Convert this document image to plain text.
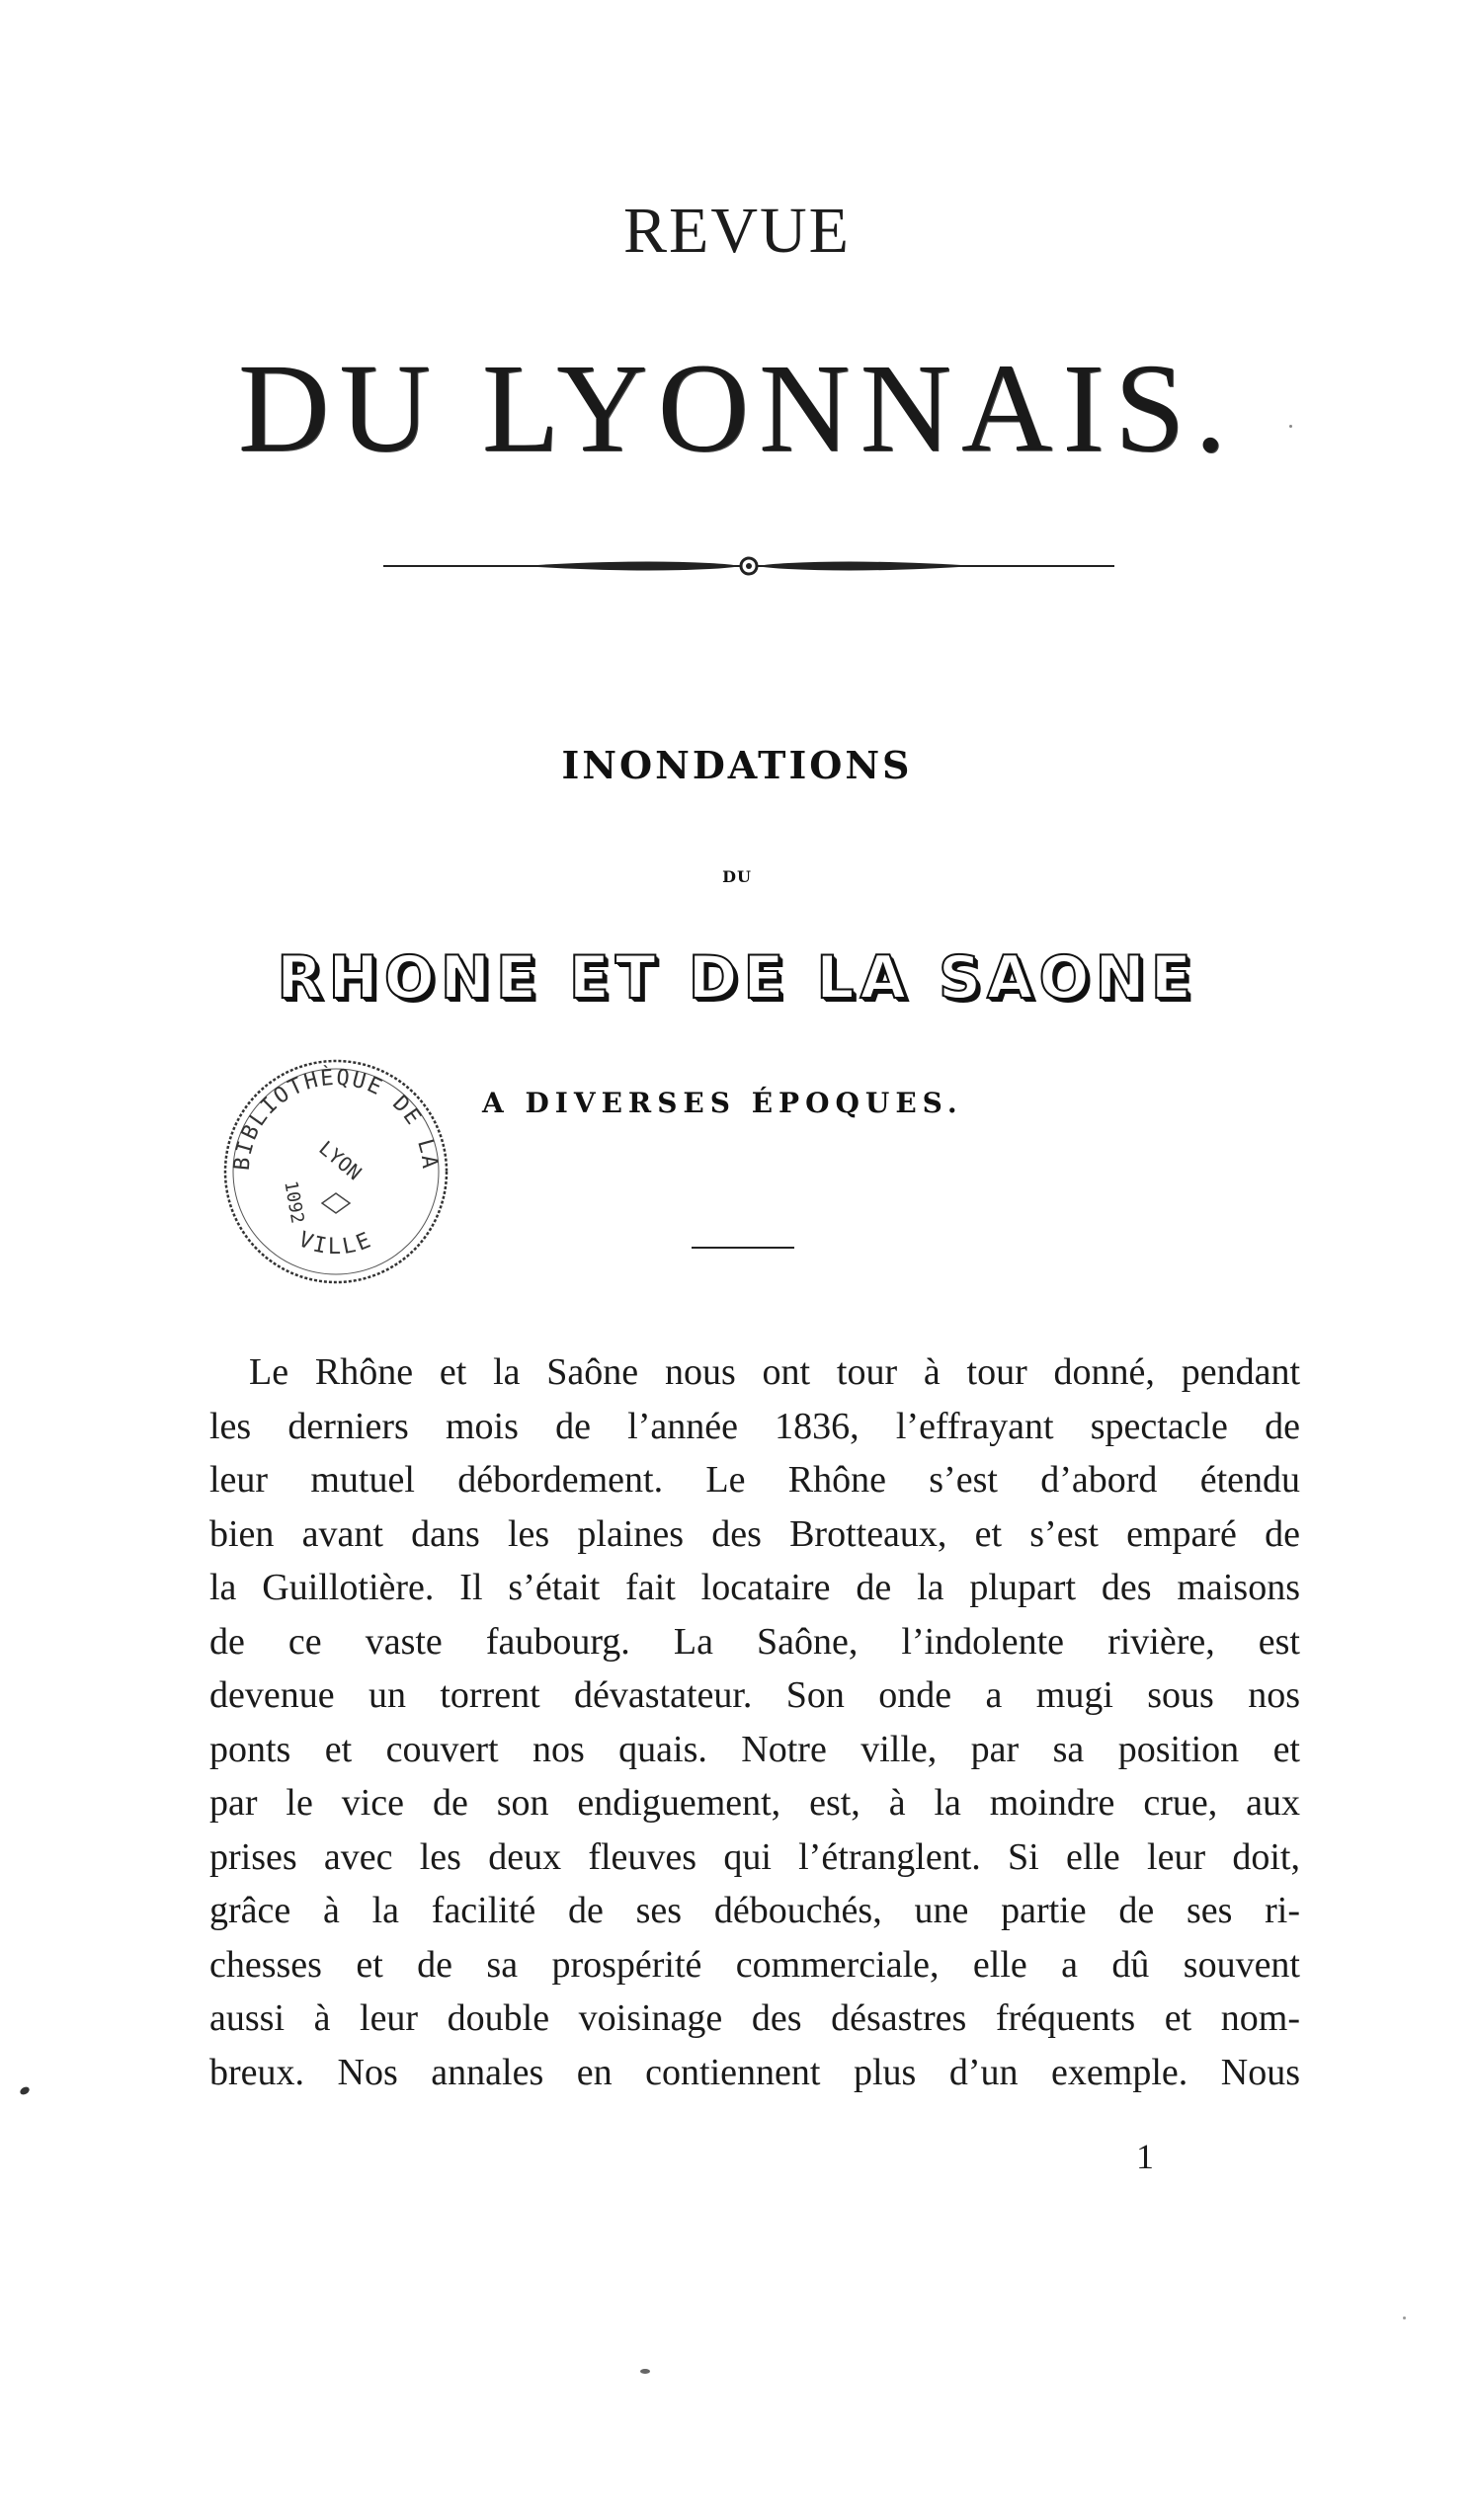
REVUE
DU LYONNAIS.
INONDATIONS
DU
RHONE ET DE LA SAONE
A DIVERSES ÉPOQUES.
BIBLIOTHÈQUE DE LA
VILLE
LYON
1092
Le Rhône et la Saône nous ont tour à tour donné, pendant
les derniers mois de l’année 1836, l’effrayant spectacle de
leur mutuel débordement. Le Rhône s’est d’abord étendu
bien avant dans les plaines des Brotteaux, et s’est emparé de
la Guillotière. Il s’était fait locataire de la plupart des maisons
de ce vaste faubourg. La Saône, l’indolente rivière, est
devenue un torrent dévastateur. Son onde a mugi sous nos
ponts et couvert nos quais. Notre ville, par sa position et
par le vice de son endiguement, est, à la moindre crue, aux
prises avec les deux fleuves qui l’étranglent. Si elle leur doit,
grâce à la facilité de ses débouchés, une partie de ses ri-
chesses et de sa prospérité commerciale, elle a dû souvent
aussi à leur double voisinage des désastres fréquents et nom-
breux. Nos annales en contiennent plus d’un exemple. Nous
1
